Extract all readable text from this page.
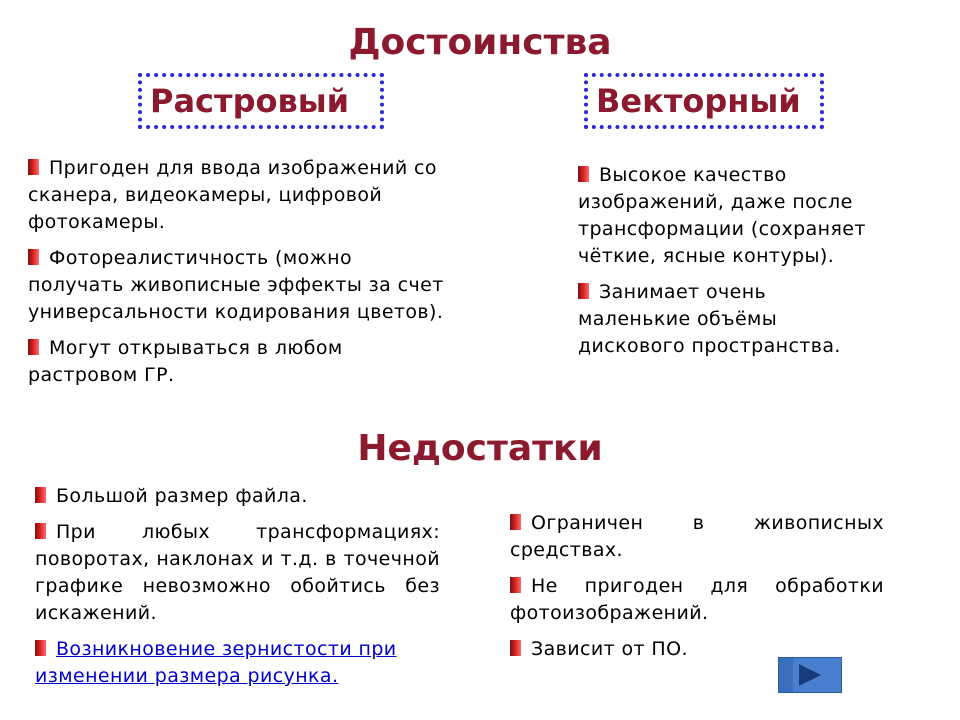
Достоинства
Растровый	Векторный

Пригоден для ввода изображений со сканера, видеокамеры, цифровой фотокамеры.

Фотореалистичность (можно получать живописные эффекты за счет универсальности кодирования цветов).

Могут открываться в любом растровом ГР.

Высокое качество изображений, даже после трансформации (сохраняет чёткие, ясные контуры).

Занимает очень маленькие объёмы дискового пространства.

Недостатки

Большой размер файла.

При любых трансформациях: поворотах, наклонах и т.д. в точечной графике невозможно обойтись без искажений.

Возникновение зернистости при изменении размера рисунка.

Ограничен в живописных средствах.

Не пригоден для обработки фотоизображений.

Зависит от ПО.
